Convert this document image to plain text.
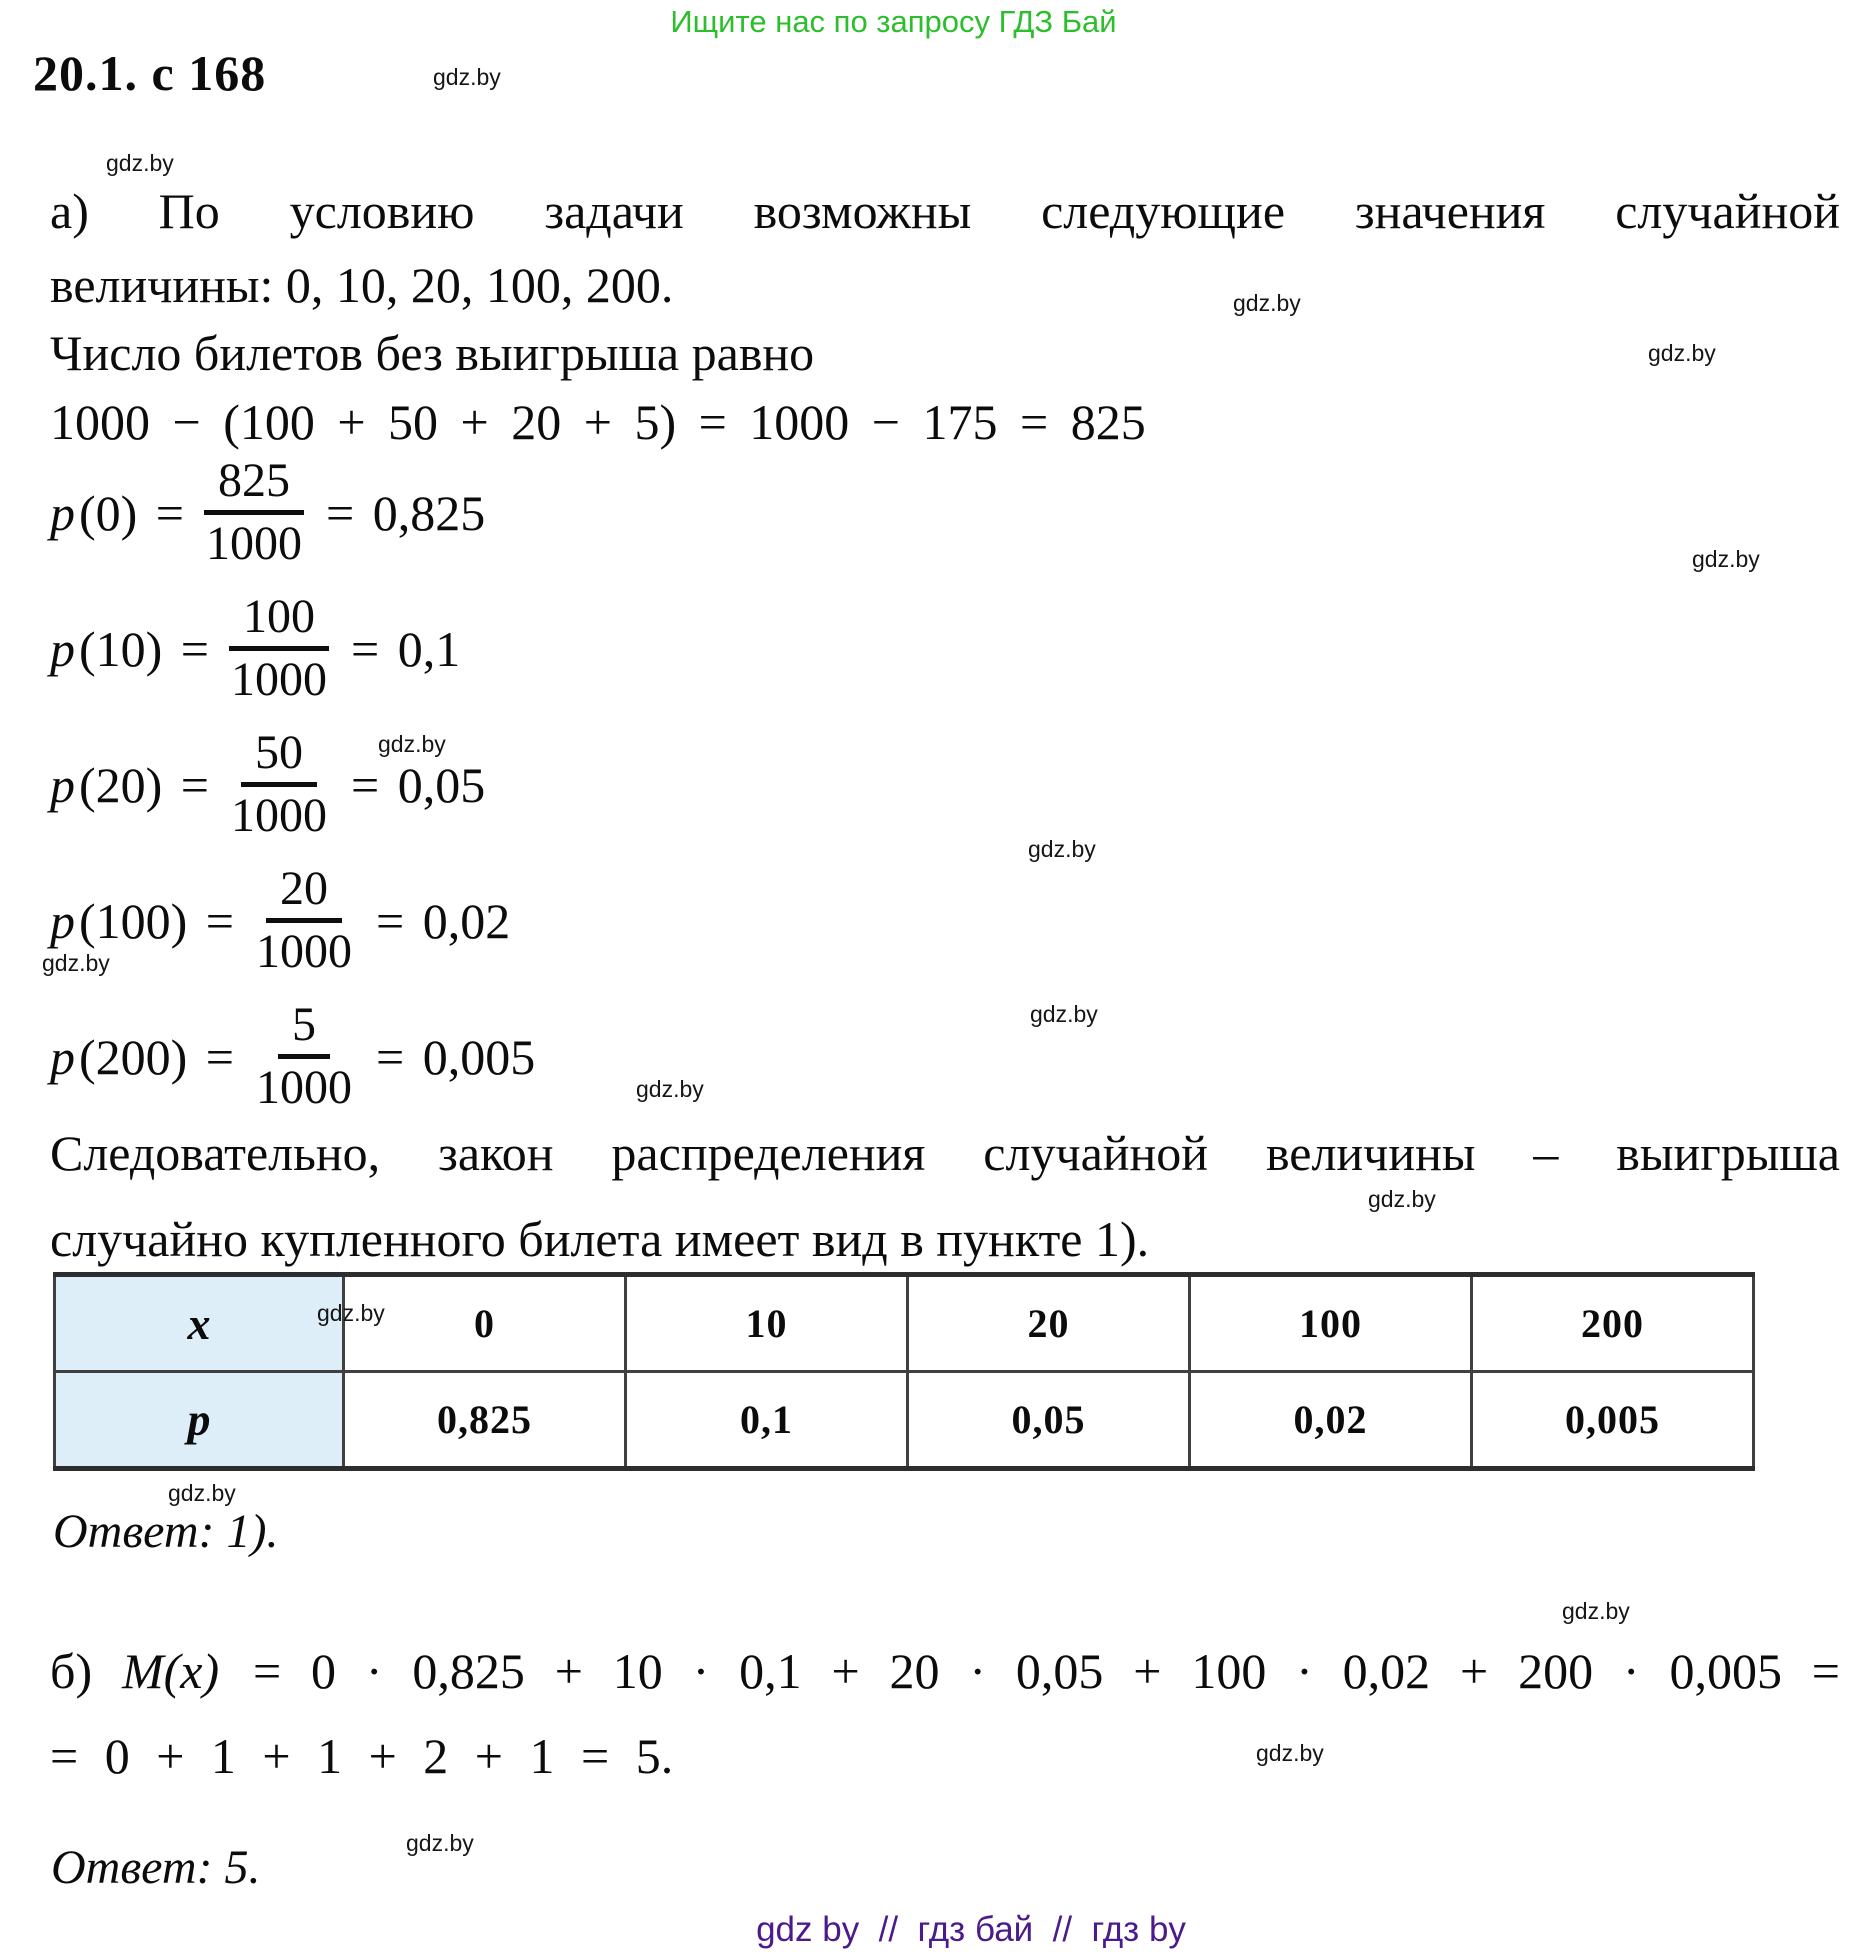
Ищите нас по запросу ГДЗ Бай
20.1. с 168	gdz.by
gdz.by
gdz.by
gdz.by
gdz.by
gdz.by
gdz.by
gdz.by
gdz.by
gdz.by
gdz.by
gdz.by
gdz.by
gdz.by
gdz.by
gdz.by
а) По условию задачи возможны следующие значения случайной
величины: 0, 10, 20, 100, 200.
Число билетов без выигрыша равно
1000 − (100 + 50 + 20 + 5) = 1000 − 175 = 825
p $(0) = \frac{825}{1000} = 0,825$
p $(10) = \frac{100}{1000} = 0,1$
p $(20) = \frac{50}{1000} = 0,05$
p $(100) = \frac{20}{1000} = 0,02$
p $(200) = \frac{5}{1000} = 0,005$
Следовательно, закон распределения случайной величины – выигрыша
случайно купленного билета имеет вид в пункте 1).
x	0	10	20	100	200
p	0,825	0,1	0,05	0,02	0,005
Ответ: 1).
б) M(x) = 0 · 0,825 + 10 · 0,1 + 20 · 0,05 + 100 · 0,02 + 200 · 0,005 =
= 0 + 1 + 1 + 2 + 1 = 5.
Ответ: 5.
gdz by  //  гдз бай  //  гдз by
